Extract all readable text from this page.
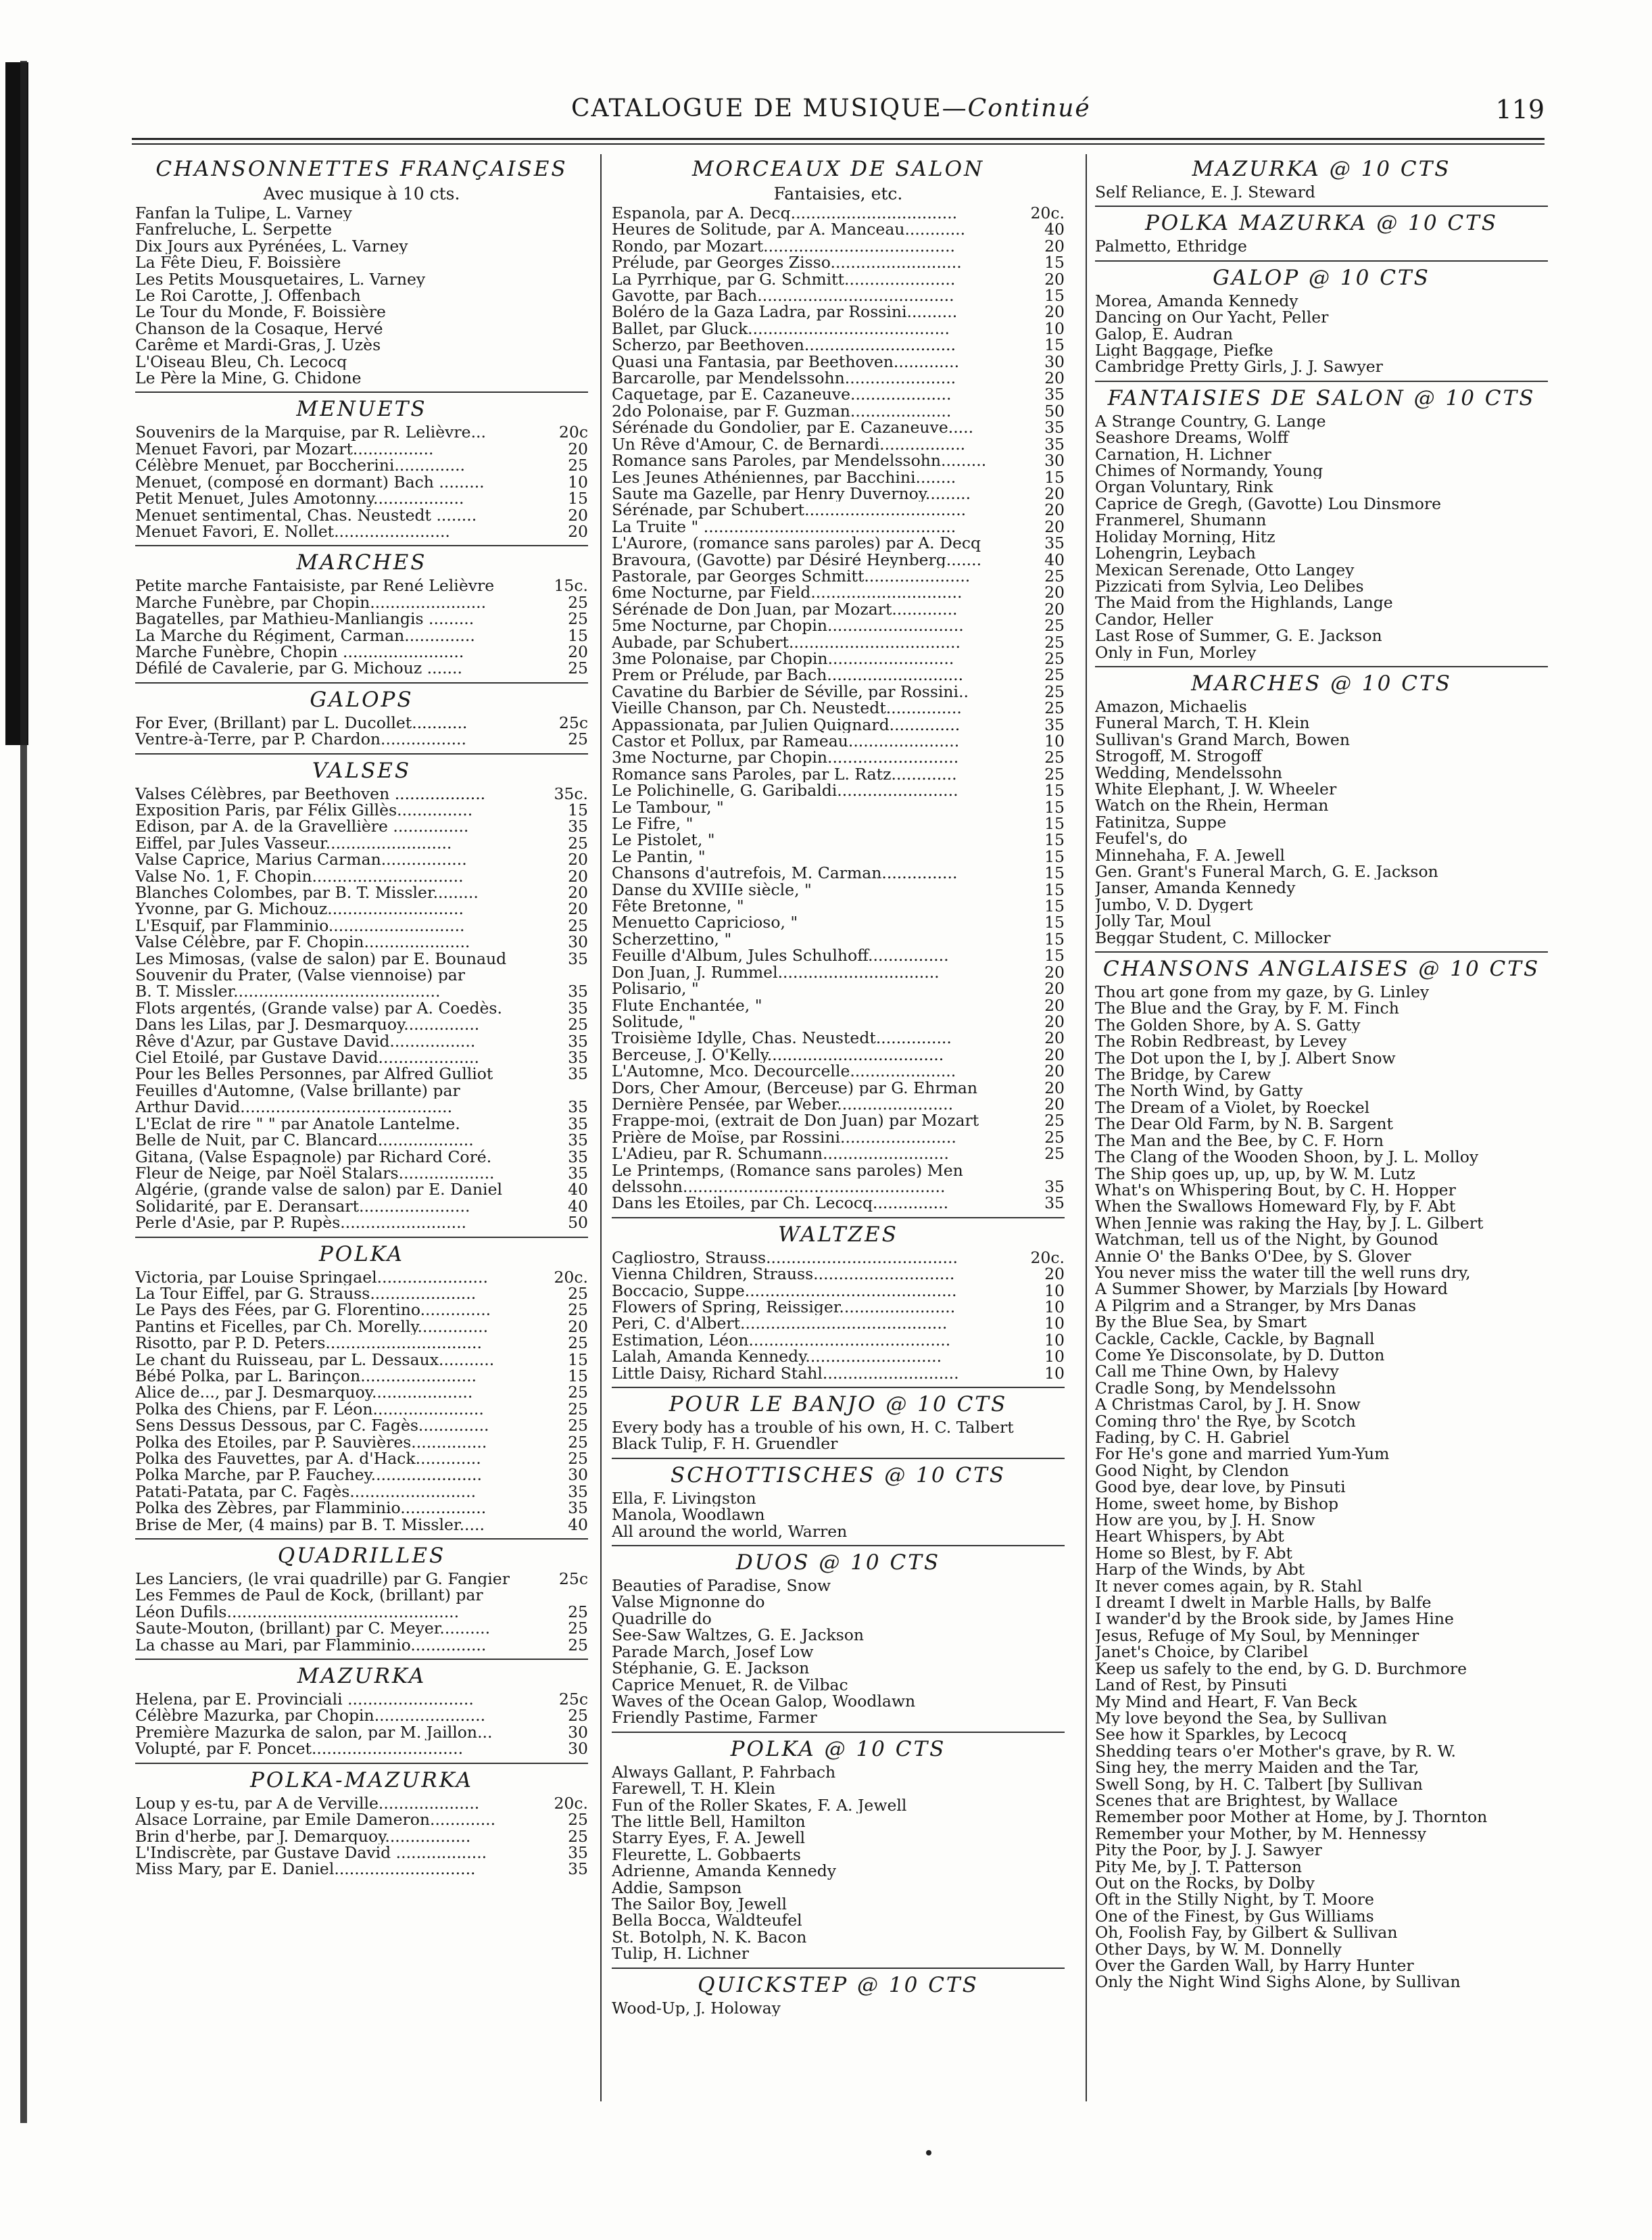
CATALOGUE DE MUSIQUE—Continué	119
CHANSONNETTES FRANÇAISES
Avec musique à 10 cts.
Fanfan la Tulipe, L. Varney
Fanfreluche, L. Serpette
Dix Jours aux Pyrénées, L. Varney
La Fête Dieu, F. Boissière
Les Petits Mousquetaires, L. Varney
Le Roi Carotte, J. Offenbach
Le Tour du Monde, F. Boissière
Chanson de la Cosaque, Hervé
Carême et Mardi-Gras, J. Uzès
L'Oiseau Bleu, Ch. Lecocq
Le Père la Mine, G. Chidone
MENUETS
Souvenirs de la Marquise, par R. Lelièvre...	20c
Menuet Favori, par Mozart................	20
Célèbre Menuet, par Boccherini..............	25
Menuet, (composé en dormant) Bach .........	10
Petit Menuet, Jules Amotonny..................	15
Menuet sentimental, Chas. Neustedt ........	20
Menuet Favori, E. Nollet.......................	20
MARCHES
Petite marche Fantaisiste, par René Lelièvre	15c.
Marche Funèbre, par Chopin.......................	25
Bagatelles, par Mathieu-Manliangis .........	25
La Marche du Régiment, Carman..............	15
Marche Funèbre, Chopin ........................	20
Défilé de Cavalerie, par G. Michouz .......	25
GALOPS
For Ever, (Brillant) par L. Ducollet...........	25c
Ventre-à-Terre, par P. Chardon.................	25
VALSES
Valses Célèbres, par Beethoven ..................	35c.
Exposition Paris, par Félix Gillès...............	15
Edison, par A. de la Gravellière ...............	35
Eiffel, par Jules Vasseur.........................	25
Valse Caprice, Marius Carman.................	20
Valse No. 1, F. Chopin..............................	20
Blanches Colombes, par B. T. Missler.........	20
Yvonne, par G. Michouz...........................	20
L'Esquif, par Flamminio...........................	25
Valse Célèbre, par F. Chopin.....................	30
Les Mimosas, (valse de salon) par E. Bounaud	35
Souvenir du Prater, (Valse viennoise) par
B. T. Missler.........................................	35
Flots argentés, (Grande valse) par A. Coedès.	35
Dans les Lilas, par J. Desmarquoy...............	25
Rêve d'Azur, par Gustave David.................	35
Ciel Etoilé, par Gustave David....................	35
Pour les Belles Personnes, par Alfred Gulliot	35
Feuilles d'Automne, (Valse brillante) par
Arthur David..........................................	35
L'Eclat de rire " " par Anatole Lantelme.	35
Belle de Nuit, par C. Blancard...................	35
Gitana, (Valse Espagnole) par Richard Coré.	35
Fleur de Neige, par Noël Stalars...................	35
Algérie, (grande valse de salon) par E. Daniel	40
Solidarité, par E. Deransart......................	40
Perle d'Asie, par P. Rupès.........................	50
POLKA
Victoria, par Louise Springael......................	20c.
La Tour Eiffel, par G. Strauss.....................	25
Le Pays des Fées, par G. Florentino..............	25
Pantins et Ficelles, par Ch. Morelly..............	20
Risotto, par P. D. Peters...............................	25
Le chant du Ruisseau, par L. Dessaux...........	15
Bébé Polka, par L. Barinçon.......................	15
Alice de..., par J. Desmarquoy....................	25
Polka des Chiens, par F. Léon......................	25
Sens Dessus Dessous, par C. Fagès..............	25
Polka des Etoiles, par P. Sauvières...............	25
Polka des Fauvettes, par A. d'Hack.............	25
Polka Marche, par P. Fauchey......................	30
Patati-Patata, par C. Fagès.........................	35
Polka des Zèbres, par Flamminio.................	35
Brise de Mer, (4 mains) par B. T. Missler.....	40
QUADRILLES
Les Lanciers, (le vrai quadrille) par G. Fangier	25c
Les Femmes de Paul de Kock, (brillant) par
Léon Dufils..............................................	25
Saute-Mouton, (brillant) par C. Meyer..........	25
La chasse au Mari, par Flamminio...............	25
MAZURKA
Helena, par E. Provinciali .........................	25c
Célèbre Mazurka, par Chopin......................	25
Première Mazurka de salon, par M. Jaillon...	30
Volupté, par F. Poncet..............................	30
POLKA-MAZURKA
Loup y es-tu, par A de Verville....................	20c.
Alsace Lorraine, par Emile Dameron.............	25
Brin d'herbe, par J. Demarquoy.................	25
L'Indiscrète, par Gustave David ..................	35
Miss Mary, par E. Daniel............................	35
MORCEAUX DE SALON
Fantaisies, etc.
Espanola, par A. Decq.................................	20c.
Heures de Solitude, par A. Manceau............	40
Rondo, par Mozart......................................	20
Prélude, par Georges Zisso..........................	15
La Pyrrhique, par G. Schmitt......................	20
Gavotte, par Bach.......................................	15
Boléro de la Gaza Ladra, par Rossini..........	20
Ballet, par Gluck........................................	10
Scherzo, par Beethoven..............................	15
Quasi una Fantasia, par Beethoven.............	30
Barcarolle, par Mendelssohn......................	20
Caquetage, par E. Cazaneuve....................	35
2do Polonaise, par F. Guzman....................	50
Sérénade du Gondolier, par E. Cazaneuve.....	35
Un Rêve d'Amour, C. de Bernardi.................	35
Romance sans Paroles, par Mendelssohn.........	30
Les Jeunes Athéniennes, par Bacchini........	15
Saute ma Gazelle, par Henry Duvernoy.........	20
Sérénade, par Schubert................................	20
La Truite " ..................................................	20
L'Aurore, (romance sans paroles) par A. Decq	35
Bravoura, (Gavotte) par Désiré Heynberg.......	40
Pastorale, par Georges Schmitt.....................	25
6me Nocturne, par Field..............................	20
Sérénade de Don Juan, par Mozart.............	20
5me Nocturne, par Chopin...........................	25
Aubade, par Schubert..................................	25
3me Polonaise, par Chopin.........................	25
Prem or Prélude, par Bach...........................	25
Cavatine du Barbier de Séville, par Rossini..	25
Vieille Chanson, par Ch. Neustedt...............	25
Appassionata, par Julien Quignard..............	35
Castor et Pollux, par Rameau......................	10
3me Nocturne, par Chopin..........................	25
Romance sans Paroles, par L. Ratz.............	25
Le Polichinelle, G. Garibaldi........................	15
Le Tambour, "	15
Le Fifre, "	15
Le Pistolet, "	15
Le Pantin, "	15
Chansons d'autrefois, M. Carman...............	15
Danse du XVIIIe siècle, "	15
Fête Bretonne, "	15
Menuetto Capricioso, "	15
Scherzettino, "	15
Feuille d'Album, Jules Schulhoff................	15
Don Juan, J. Rummel................................	20
Polisario, "	20
Flute Enchantée, "	20
Solitude, "	20
Troisième Idylle, Chas. Neustedt...............	20
Berceuse, J. O'Kelly...................................	20
L'Automne, Mco. Decourcelle.....................	20
Dors, Cher Amour, (Berceuse) par G. Ehrman	20
Dernière Pensée, par Weber.......................	20
Frappe-moi, (extrait de Don Juan) par Mozart	25
Prière de Moïse, par Rossini.......................	25
L'Adieu, par R. Schumann.........................	25
Le Printemps, (Romance sans paroles) Men
delssohn....................................................	35
Dans les Etoiles, par Ch. Lecocq...............	35
WALTZES
Cagliostro, Strauss......................................	20c.
Vienna Children, Strauss............................	20
Boccacio, Suppe..........................................	10
Flowers of Spring, Reissiger.......................	10
Peri, C. d'Albert.........................................	10
Estimation, Léon........................................	10
Lalah, Amanda Kennedy...........................	10
Little Daisy, Richard Stahl...........................	10
POUR LE BANJO @ 10 CTS
Every body has a trouble of his own, H. C. Talbert
Black Tulip, F. H. Gruendler
SCHOTTISCHES @ 10 CTS
Ella, F. Livingston
Manola, Woodlawn
All around the world, Warren
DUOS @ 10 CTS
Beauties of Paradise, Snow
Valse Mignonne do
Quadrille do
See-Saw Waltzes, G. E. Jackson
Parade March, Josef Low
Stéphanie, G. E. Jackson
Caprice Menuet, R. de Vilbac
Waves of the Ocean Galop, Woodlawn
Friendly Pastime, Farmer
POLKA @ 10 CTS
Always Gallant, P. Fahrbach
Farewell, T. H. Klein
Fun of the Roller Skates, F. A. Jewell
The little Bell, Hamilton
Starry Eyes, F. A. Jewell
Fleurette, L. Gobbaerts
Adrienne, Amanda Kennedy
Addie, Sampson
The Sailor Boy, Jewell
Bella Bocca, Waldteufel
St. Botolph, N. K. Bacon
Tulip, H. Lichner
QUICKSTEP @ 10 CTS
Wood-Up, J. Holoway
MAZURKA @ 10 CTS
Self Reliance, E. J. Steward
POLKA MAZURKA @ 10 CTS
Palmetto, Ethridge
GALOP @ 10 CTS
Morea, Amanda Kennedy
Dancing on Our Yacht, Peller
Galop, E. Audran
Light Baggage, Piefke
Cambridge Pretty Girls, J. J. Sawyer
FANTAISIES DE SALON @ 10 CTS
A Strange Country, G. Lange
Seashore Dreams, Wolff
Carnation, H. Lichner
Chimes of Normandy, Young
Organ Voluntary, Rink
Caprice de Gregh, (Gavotte) Lou Dinsmore
Franmerel, Shumann
Holiday Morning, Hitz
Lohengrin, Leybach
Mexican Serenade, Otto Langey
Pizzicati from Sylvia, Leo Delibes
The Maid from the Highlands, Lange
Candor, Heller
Last Rose of Summer, G. E. Jackson
Only in Fun, Morley
MARCHES @ 10 CTS
Amazon, Michaelis
Funeral March, T. H. Klein
Sullivan's Grand March, Bowen
Strogoff, M. Strogoff
Wedding, Mendelssohn
White Elephant, J. W. Wheeler
Watch on the Rhein, Herman
Fatinitza, Suppe
Feufel's, do
Minnehaha, F. A. Jewell
Gen. Grant's Funeral March, G. E. Jackson
Janser, Amanda Kennedy
Jumbo, V. D. Dygert
Jolly Tar, Moul
Beggar Student, C. Millocker
CHANSONS ANGLAISES @ 10 CTS
Thou art gone from my gaze, by G. Linley
The Blue and the Gray, by F. M. Finch
The Golden Shore, by A. S. Gatty
The Robin Redbreast, by Levey
The Dot upon the I, by J. Albert Snow
The Bridge, by Carew
The North Wind, by Gatty
The Dream of a Violet, by Roeckel
The Dear Old Farm, by N. B. Sargent
The Man and the Bee, by C. F. Horn
The Clang of the Wooden Shoon, by J. L. Molloy
The Ship goes up, up, up, by W. M. Lutz
What's on Whispering Bout, by C. H. Hopper
When the Swallows Homeward Fly, by F. Abt
When Jennie was raking the Hay, by J. L. Gilbert
Watchman, tell us of the Night, by Gounod
Annie O' the Banks O'Dee, by S. Glover
You never miss the water till the well runs dry,
A Summer Shower, by Marzials [by Howard
A Pilgrim and a Stranger, by Mrs Danas
By the Blue Sea, by Smart
Cackle, Cackle, Cackle, by Bagnall
Come Ye Disconsolate, by D. Dutton
Call me Thine Own, by Halevy
Cradle Song, by Mendelssohn
A Christmas Carol, by J. H. Snow
Coming thro' the Rye, by Scotch
Fading, by C. H. Gabriel
For He's gone and married Yum-Yum
Good Night, by Clendon
Good bye, dear love, by Pinsuti
Home, sweet home, by Bishop
How are you, by J. H. Snow
Heart Whispers, by Abt
Home so Blest, by F. Abt
Harp of the Winds, by Abt
It never comes again, by R. Stahl
I dreamt I dwelt in Marble Halls, by Balfe
I wander'd by the Brook side, by James Hine
Jesus, Refuge of My Soul, by Menninger
Janet's Choice, by Claribel
Keep us safely to the end, by G. D. Burchmore
Land of Rest, by Pinsuti
My Mind and Heart, F. Van Beck
My love beyond the Sea, by Sullivan
See how it Sparkles, by Lecocq
Shedding tears o'er Mother's grave, by R. W.
Sing hey, the merry Maiden and the Tar,
Swell Song, by H. C. Talbert [by Sullivan
Scenes that are Brightest, by Wallace
Remember poor Mother at Home, by J. Thornton
Remember your Mother, by M. Hennessy
Pity the Poor, by J. J. Sawyer
Pity Me, by J. T. Patterson
Out on the Rocks, by Dolby
Oft in the Stilly Night, by T. Moore
One of the Finest, by Gus Williams
Oh, Foolish Fay, by Gilbert & Sullivan
Other Days, by W. M. Donnelly
Over the Garden Wall, by Harry Hunter
Only the Night Wind Sighs Alone, by Sullivan
